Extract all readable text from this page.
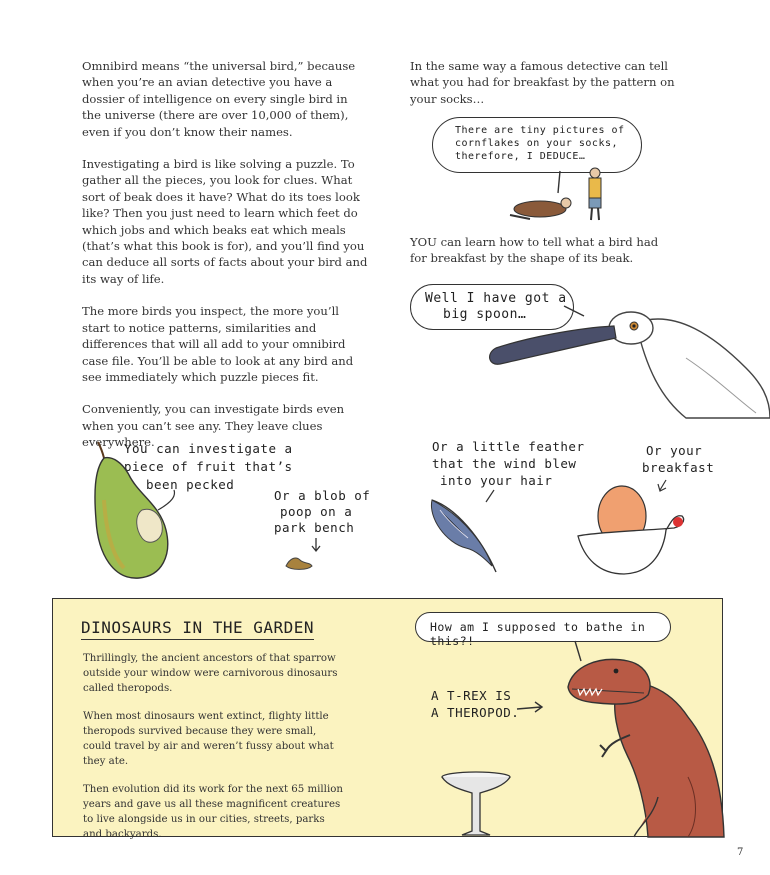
Omnibird means “the universal bird,” because when you’re an avian detective you have a dossier of intelligence on every single bird in the universe (there are over 10,000 of them), even if you don’t know their names.

Investigating a bird is like solving a puzzle. To gather all the pieces, you look for clues. What sort of beak does it have? What do its toes look like? Then you just need to learn which feet do which jobs and which beaks eat which meals (that’s what this book is for), and you’ll find you can deduce all sorts of facts about your bird and its way of life.

The more birds you inspect, the more you’ll start to notice patterns, similarities and differences that will all add to your omnibird case file. You’ll be able to look at any bird and see immediately which puzzle pieces fit.

Conveniently, you can investigate birds even when you can’t see any. They leave clues everywhere.

In the same way a famous detective can tell what you had for breakfast by the pattern on your socks…

There are tiny pictures of
cornflakes on your socks,
therefore, I DEDUCE…

YOU can learn how to tell what a bird had for breakfast by the shape of its beak.

Well I have got a
big spoon…
You can investigate a
piece of fruit that’s
been pecked
Or a blob of
poop on a
park bench
Or a little feather
that the wind blew
into your hair
Or your
breakfast
DINOSAURS IN THE GARDEN

Thrillingly, the ancient ancestors of that sparrow outside your window were carnivorous dinosaurs called theropods.

When most dinosaurs went extinct, flighty little theropods survived because they were small, could travel by air and weren’t fussy about what they ate.

Then evolution did its work for the next 65 million years and gave us all these magnificent creatures to live alongside us in our cities, streets, parks and backyards.

How am I supposed to bathe in this?!
A T-REX IS
A THEROPOD.
7
